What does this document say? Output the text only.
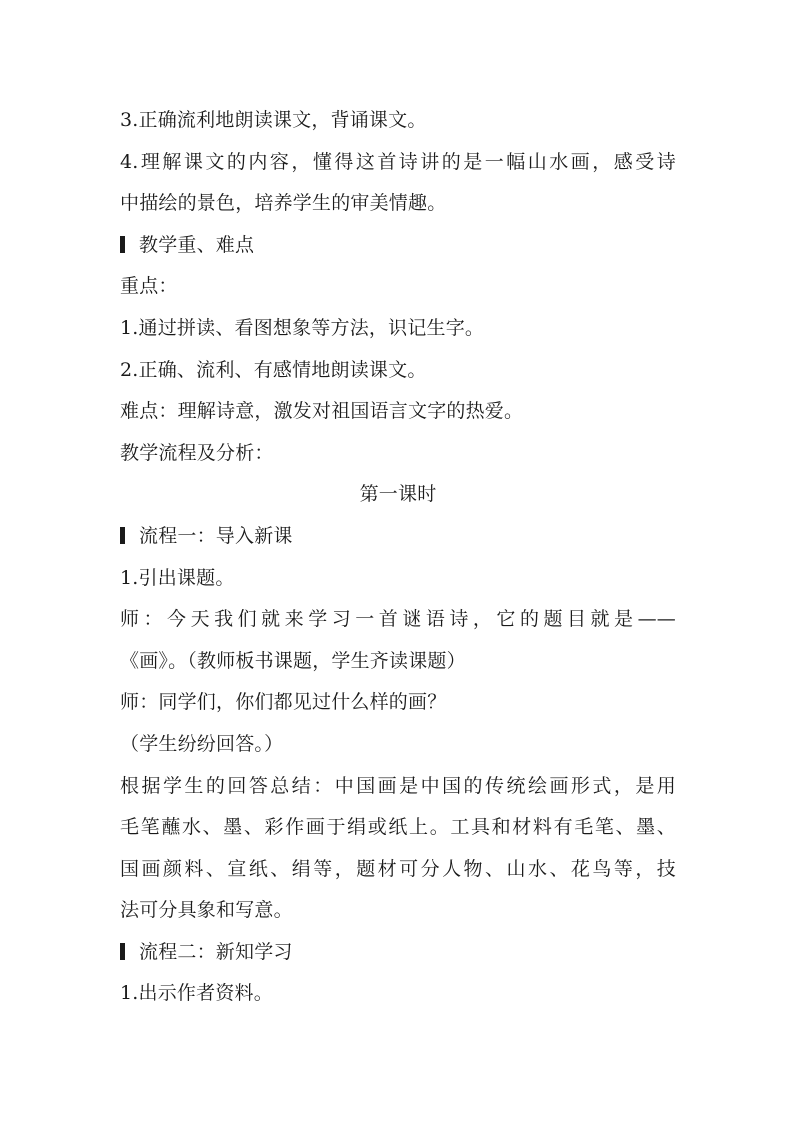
3.正确流利地朗读课文，背诵课文。
4.理解课文的内容，懂得这首诗讲的是一幅山水画，感受诗
中描绘的景色，培养学生的审美情趣。
教学重、难点
重点：
1.通过拼读、看图想象等方法，识记生字。
2.正确、流利、有感情地朗读课文。
难点：理解诗意，激发对祖国语言文字的热爱。
教学流程及分析：
第一课时
流程一：导入新课
1.引出课题。
师：今天我们就来学习一首谜语诗，它的题目就是——
《画》。（教师板书课题，学生齐读课题）
师：同学们，你们都见过什么样的画？
（学生纷纷回答。）
根据学生的回答总结：中国画是中国的传统绘画形式，是用
毛笔蘸水、墨、彩作画于绢或纸上。工具和材料有毛笔、墨、
国画颜料、宣纸、绢等，题材可分人物、山水、花鸟等，技
法可分具象和写意。
流程二：新知学习
1.出示作者资料。
